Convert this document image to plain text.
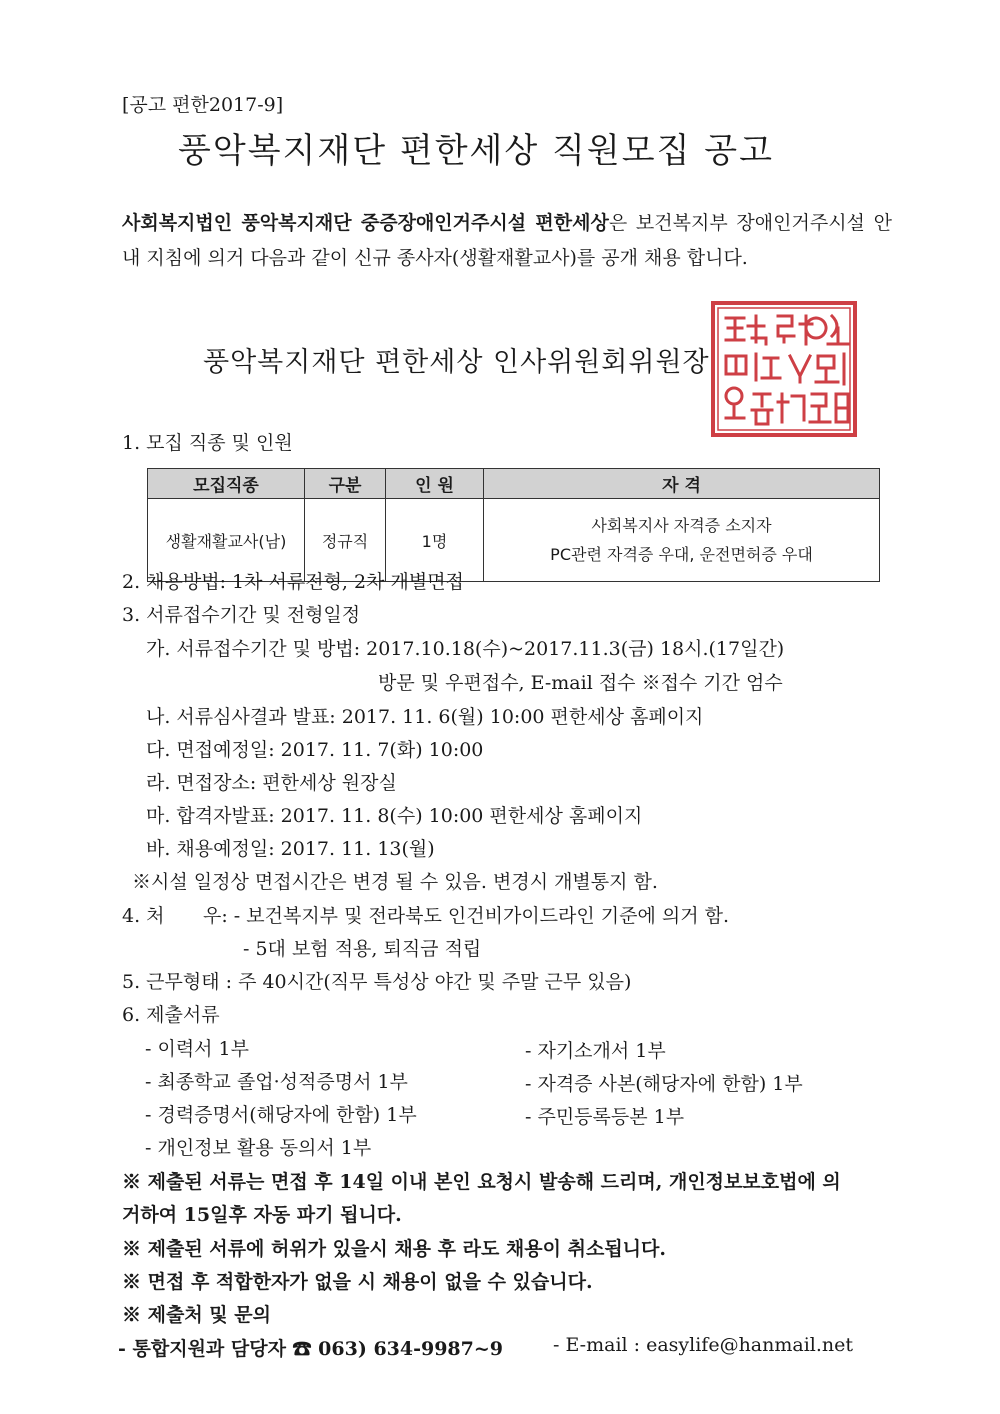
[공고 편한2017-9]
풍악복지재단 편한세상 직원모집 공고
사회복지법인 풍악복지재단 중증장애인거주시설 편한세상은 보건복지부 장애인거주시설 안내 지침에 의거 다음과 같이 신규 종사자(생활재활교사)를 공개 채용 합니다.
풍악복지재단 편한세상 인사위원회위원장
1. 모집 직종 및 인원
모집직종	구분	인 원	자 격
생활재활교사(남)	정규직	1명	사회복지사 자격증 소지자
PC관련 자격증 우대, 운전면허증 우대
2. 채용방법: 1차 서류전형, 2차 개별면접
3. 서류접수기간 및 전형일정
가. 서류접수기간 및 방법: 2017.10.18(수)~2017.11.3(금) 18시.(17일간)
방문 및 우편접수, E-mail 접수 ※접수 기간 엄수
나. 서류심사결과 발표: 2017. 11. 6(월) 10:00 편한세상 홈페이지
다. 면접예정일: 2017. 11. 7(화) 10:00
라. 면접장소: 편한세상 원장실
마. 합격자발표: 2017. 11. 8(수) 10:00 편한세상 홈페이지
바. 채용예정일: 2017. 11. 13(월)
※시설 일정상 면접시간은 변경 될 수 있음. 변경시 개별통지 함.
4. 처 우: - 보건복지부 및 전라북도 인건비가이드라인 기준에 의거 함.
- 5대 보험 적용, 퇴직금 적립
5. 근무형태 : 주 40시간(직무 특성상 야간 및 주말 근무 있음)
6. 제출서류
- 이력서 1부
- 최종학교 졸업·성적증명서 1부
- 경력증명서(해당자에 한함) 1부
- 개인정보 활용 동의서 1부
- 자기소개서 1부
- 자격증 사본(해당자에 한함) 1부
- 주민등록등본 1부
※ 제출된 서류는 면접 후 14일 이내 본인 요청시 발송해 드리며, 개인정보보호법에 의
거하여 15일후 자동 파기 됩니다.
※ 제출된 서류에 허위가 있을시 채용 후 라도 채용이 취소됩니다.
※ 면접 후 적합한자가 없을 시 채용이 없을 수 있습니다.
※ 제출처 및 문의
- 통합지원과 담당자 ☎ 063) 634-9987~9	- E-mail : easylife@hanmail.net
